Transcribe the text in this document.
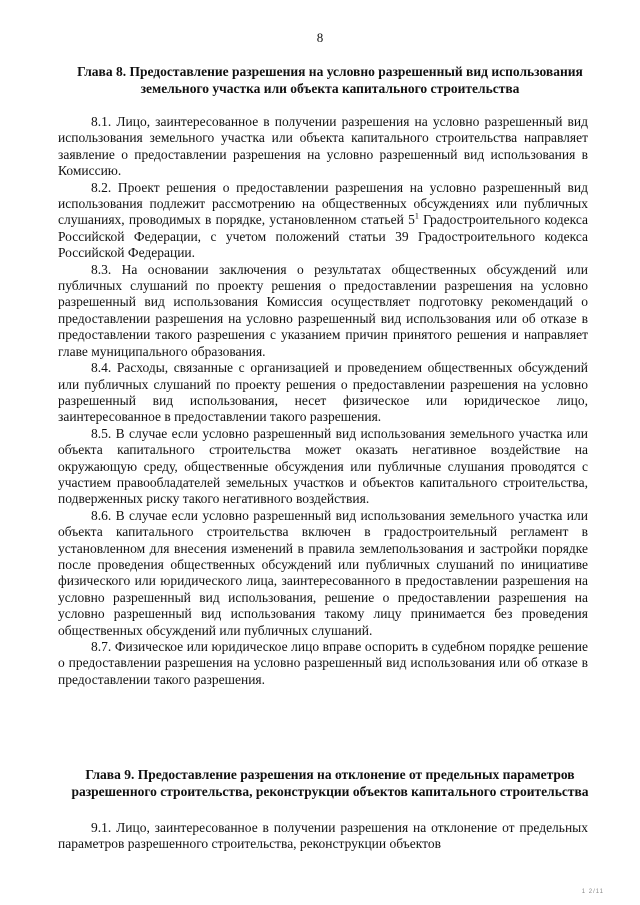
8
Глава 8. Предоставление разрешения на условно разрешенный вид использования земельного участка или объекта капитального строительства

8.1. Лицо, заинтересованное в получении разрешения на условно разрешенный вид использования земельного участка или объекта капитального строительства направляет заявление о предоставлении разрешения на условно разрешенный вид использования в Комиссию.

8.2. Проект решения о предоставлении разрешения на условно разрешенный вид использования подлежит рассмотрению на общественных обсуждениях или публичных слушаниях, проводимых в порядке, установленном статьей $5^1$ Градостроительного кодекса Российской Федерации, с учетом положений статьи 39 Градостроительного кодекса Российской Федерации.

8.3. На основании заключения о результатах общественных обсуждений или публичных слушаний по проекту решения о предоставлении разрешения на условно разрешенный вид использования Комиссия осуществляет подготовку рекомендаций о предоставлении разрешения на условно разрешенный вид использования или об отказе в предоставлении такого разрешения с указанием причин принятого решения и направляет главе муниципального образования.

8.4. Расходы, связанные с организацией и проведением общественных обсуждений или публичных слушаний по проекту решения о предоставлении разрешения на условно разрешенный вид использования, несет физическое или юридическое лицо, заинтересованное в предоставлении такого разрешения.

8.5. В случае если условно разрешенный вид использования земельного участка или объекта капитального строительства может оказать негативное воздействие на окружающую среду, общественные обсуждения или публичные слушания проводятся с участием правообладателей земельных участков и объектов капитального строительства, подверженных риску такого негативного воздействия.

8.6. В случае если условно разрешенный вид использования земельного участка или объекта капитального строительства включен в градостроительный регламент в установленном для внесения изменений в правила землепользования и застройки порядке после проведения общественных обсуждений или публичных слушаний по инициативе физического или юридического лица, заинтересованного в предоставлении разрешения на условно разрешенный вид использования, решение о предоставлении разрешения на условно разрешенный вид использования такому лицу принимается без проведения общественных обсуждений или публичных слушаний.

8.7. Физическое или юридическое лицо вправе оспорить в судебном порядке решение о предоставлении разрешения на условно разрешенный вид использования или об отказе в предоставлении такого разрешения.

Глава 9. Предоставление разрешения на отклонение от предельных параметров разрешенного строительства, реконструкции объектов капитального строительства

9.1. Лицо, заинтересованное в получении разрешения на отклонение от предельных параметров разрешенного строительства, реконструкции объектов

1 2/11
